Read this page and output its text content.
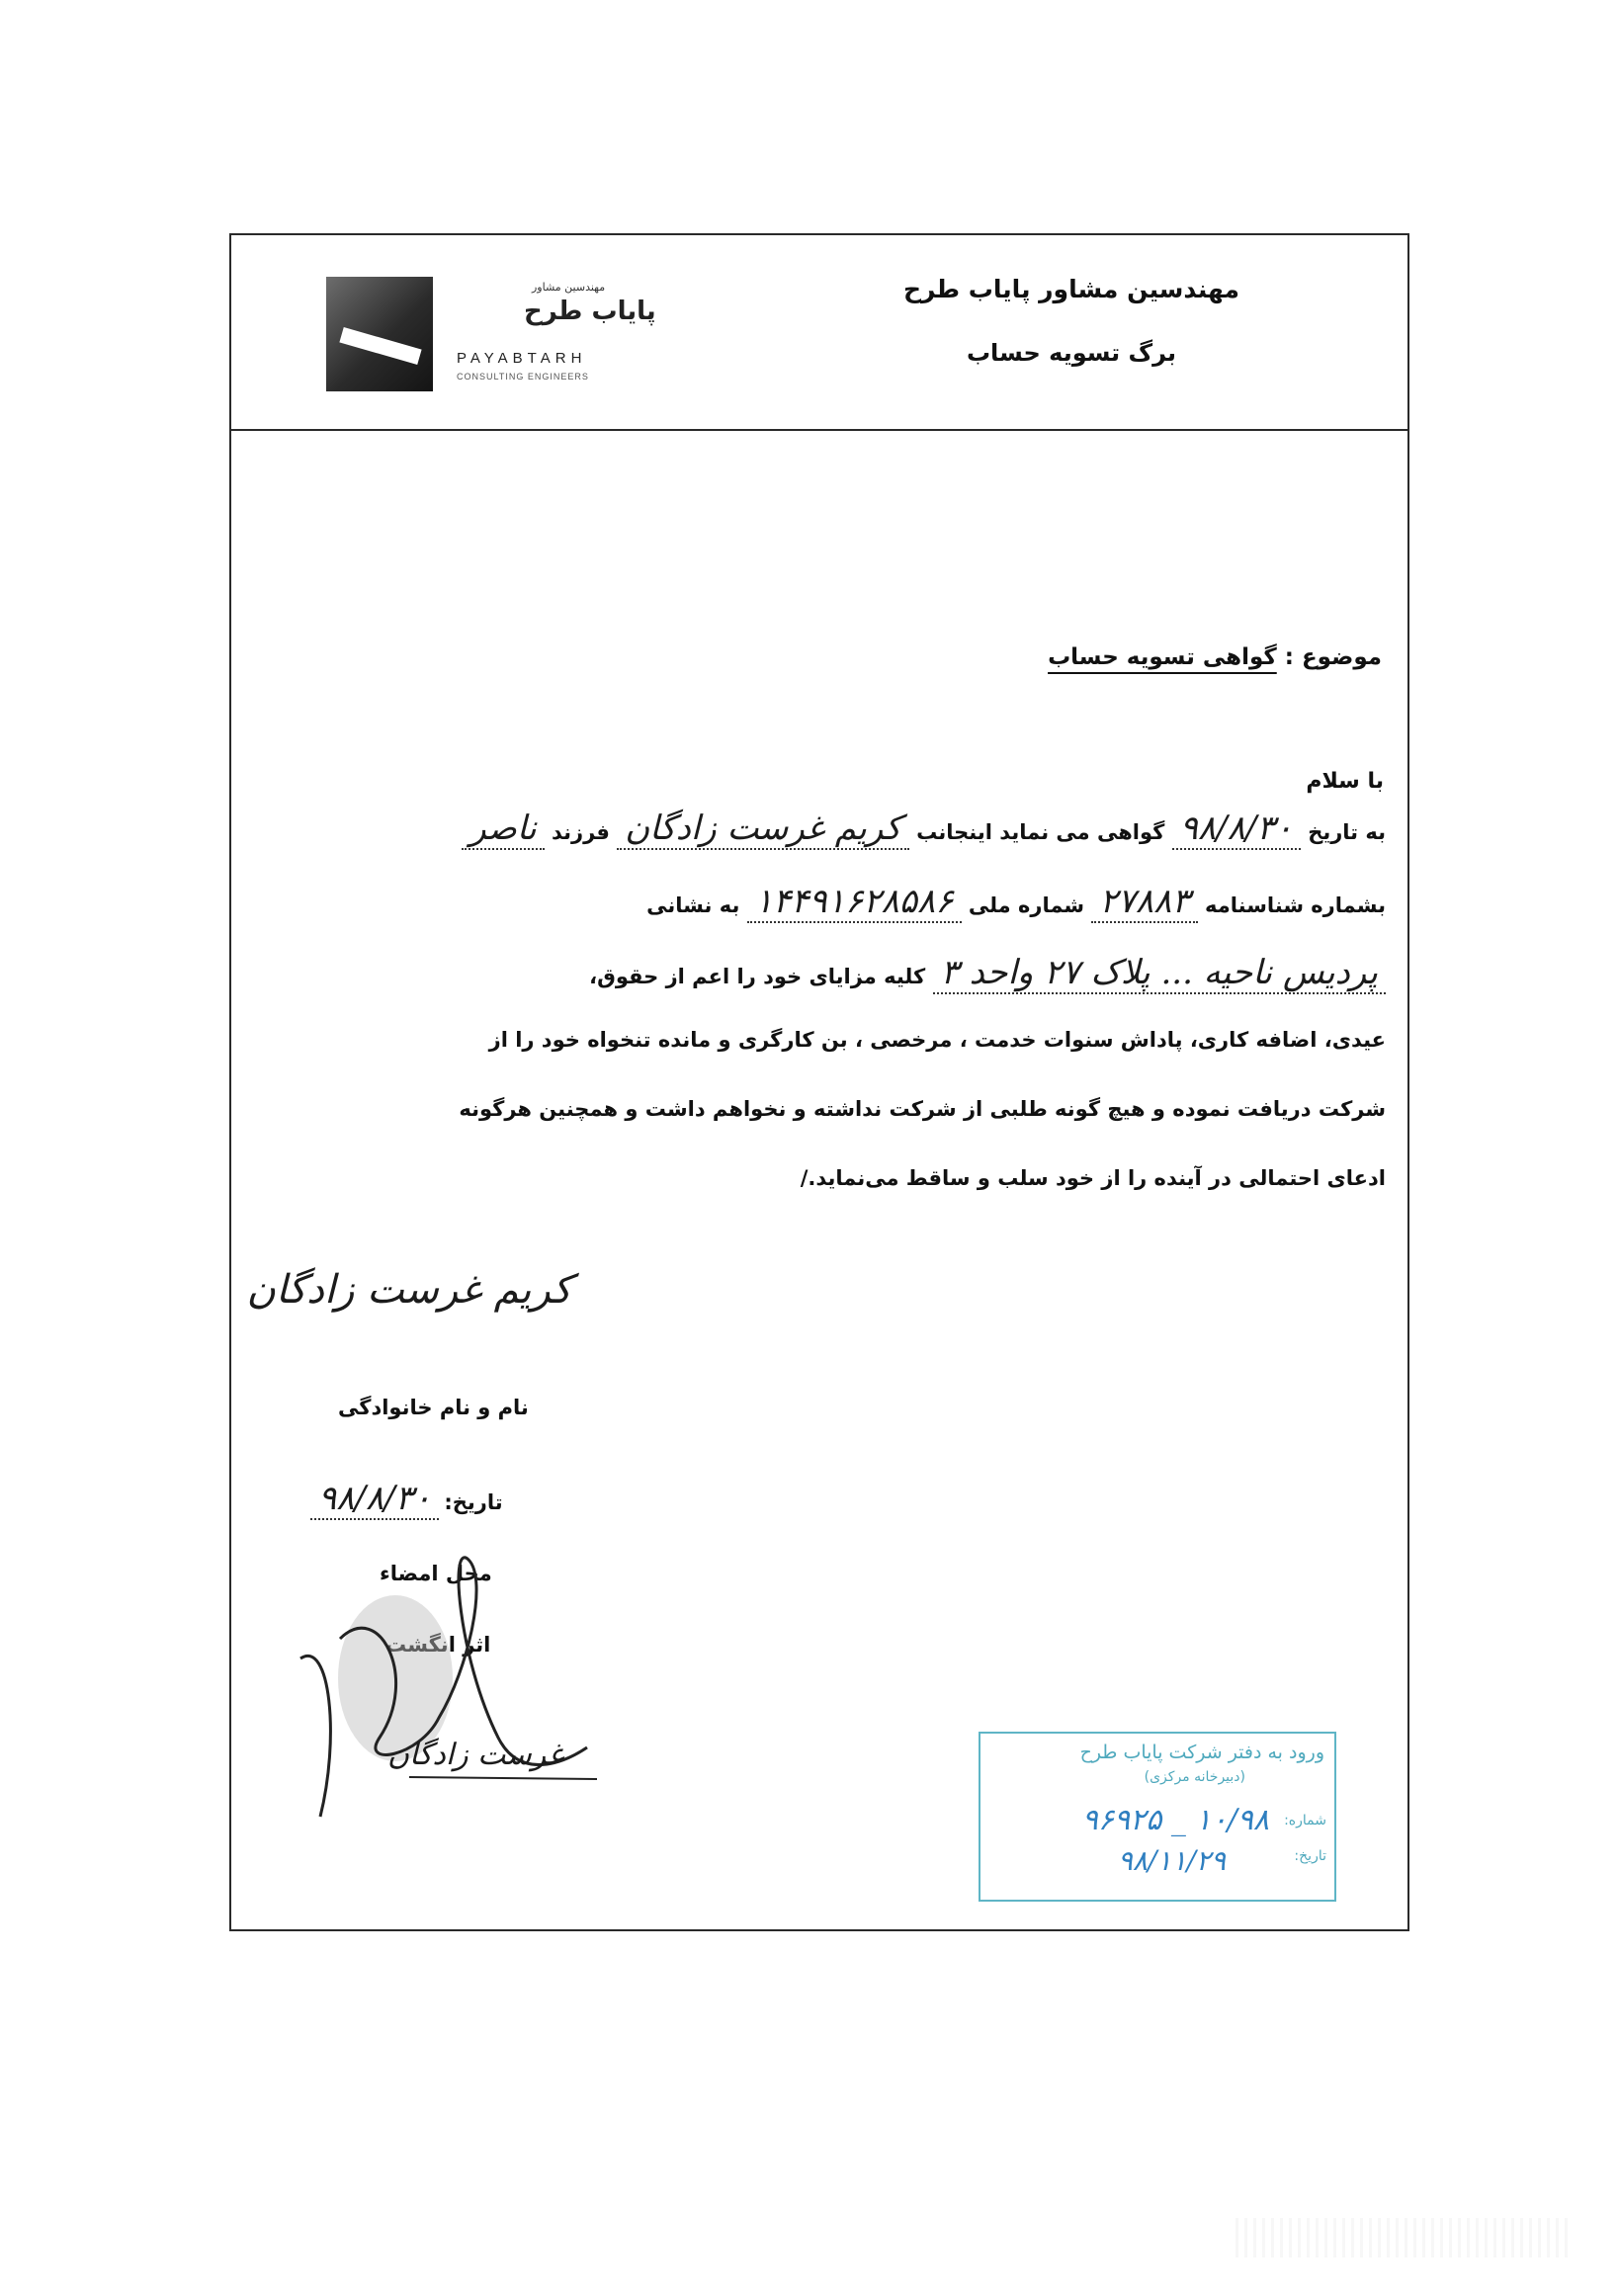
مهندسین مشاور پایاب طرح
برگ تسویه حساب
مهندسین مشاور
پایاب طرح
PAYABTARH
CONSULTING ENGINEERS
موضوع : گواهی تسویه حساب
با سلام
به تاریخ ۹۸/۸/۳۰ گواهی می نماید اینجانب کریم غرست زادگان فرزند ناصر
بشماره شناسنامه ۲۷۸۸۳ شماره ملی ۱۴۴۹۱۶۲۸۵۸۶ به نشانی
پردیس ناحیه ... پلاک ۲۷ واحد ۳ کلیه مزایای خود را اعم از حقوق،
عیدی، اضافه کاری، پاداش سنوات خدمت ، مرخصی ، بن کارگری و مانده تنخواه خود را از
شرکت دریافت نموده و هیچ گونه طلبی از شرکت نداشته و نخواهم داشت و همچنین هرگونه
ادعای احتمالی در آینده را از خود سلب و ساقط می‌نماید./
کریم غرست زادگان
نام و نام خانوادگی
تاریخ: ۹۸/۸/۳۰
محل امضاء
اثر انگشت
غرست زادگان	ورود به دفتر شرکت پایاب طرح
(دبیرخانه مرکزی)
شماره:
۹۶۹۲۵ _ ۱۰/۹۸
تاریخ:
۹۸/۱۱/۲۹
